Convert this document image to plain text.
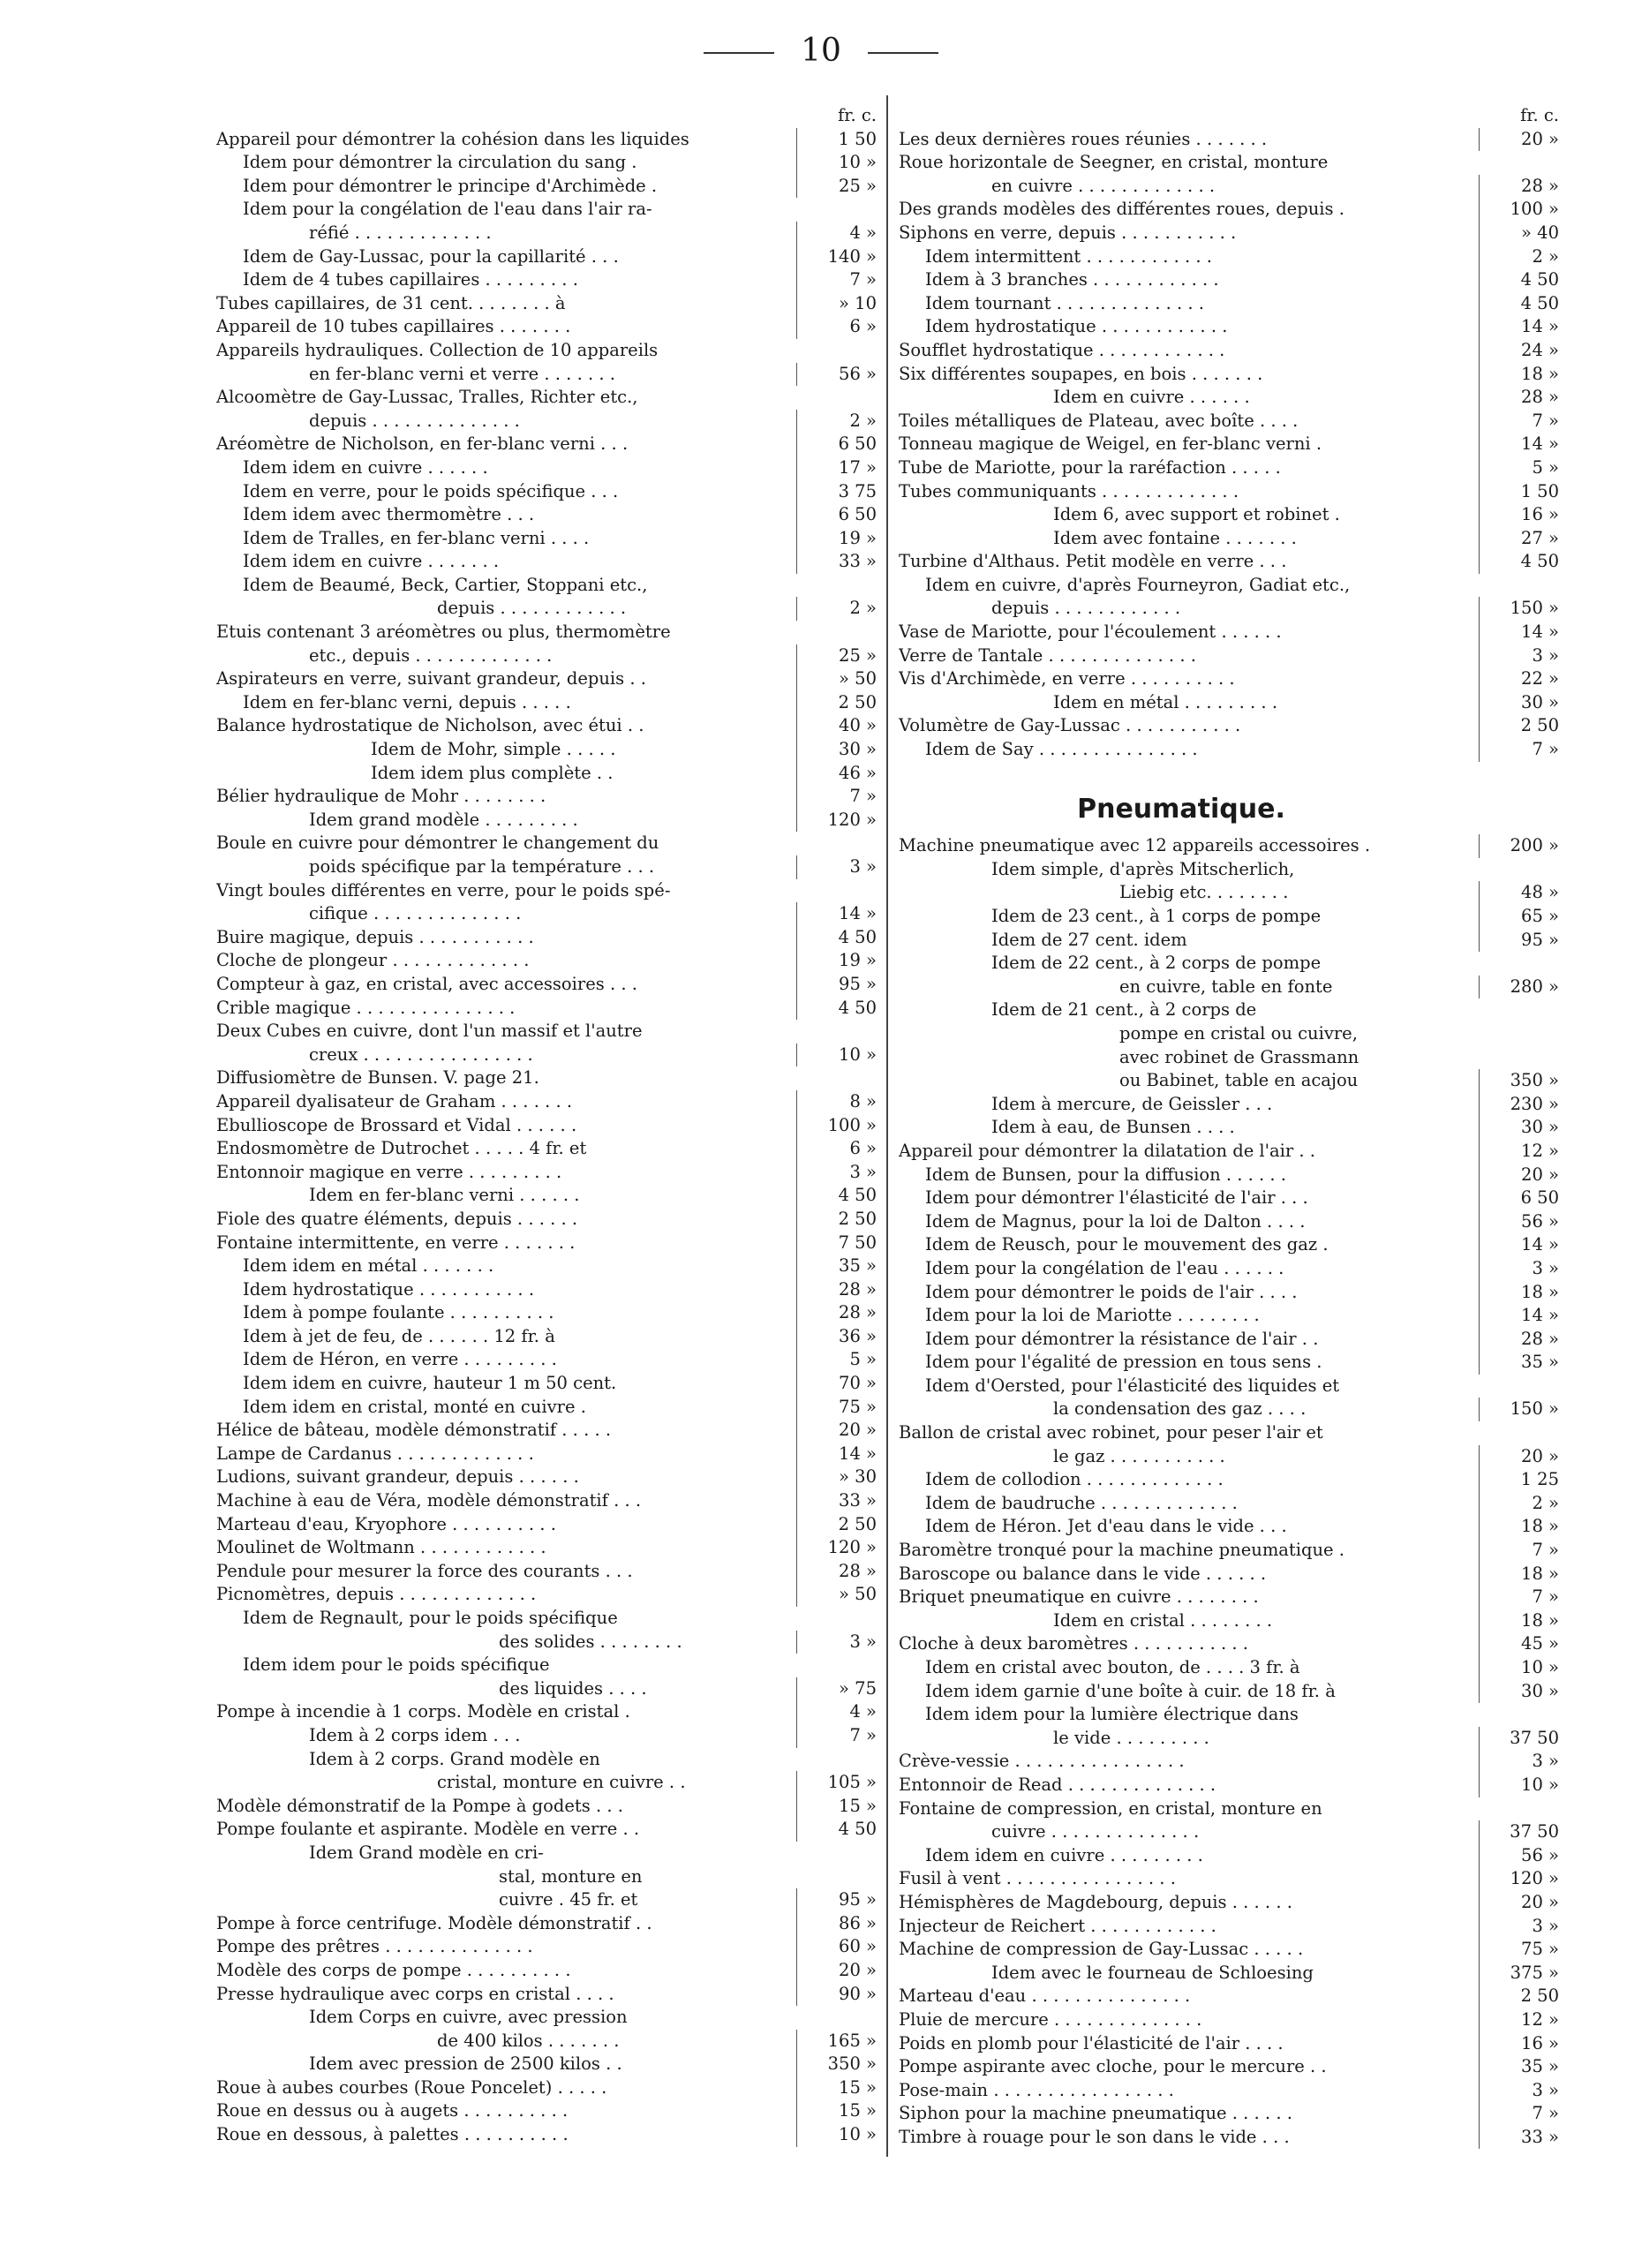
10
fr. c.
Appareil pour démontrer la cohésion dans les liquides	1 50
Idem pour démontrer la circulation du sang .	10 »
Idem pour démontrer le principe d'Archimède .	25 »
Idem pour la congélation de l'eau dans l'air ra-
réfié . . . . . . . . . . . . .	4 »
Idem de Gay-Lussac, pour la capillarité . . .	140 »
Idem de 4 tubes capillaires . . . . . . . . .	7 »
Tubes capillaires, de 31 cent. . . . . . . . à	» 10
Appareil de 10 tubes capillaires . . . . . . .	6 »
Appareils hydrauliques. Collection de 10 appareils
en fer-blanc verni et verre . . . . . . .	56 »
Alcoomètre de Gay-Lussac, Tralles, Richter etc.,
depuis . . . . . . . . . . . . . .	2 »
Aréomètre de Nicholson, en fer-blanc verni . . .	6 50
Idem idem en cuivre . . . . . .	17 »
Idem en verre, pour le poids spécifique . . .	3 75
Idem idem avec thermomètre . . .	6 50
Idem de Tralles, en fer-blanc verni . . . .	19 »
Idem idem en cuivre . . . . . . .	33 »
Idem de Beaumé, Beck, Cartier, Stoppani etc.,
depuis . . . . . . . . . . . .	2 »
Etuis contenant 3 aréomètres ou plus, thermomètre
etc., depuis . . . . . . . . . . . . .	25 »
Aspirateurs en verre, suivant grandeur, depuis . .	» 50
Idem en fer-blanc verni, depuis . . . . .	2 50
Balance hydrostatique de Nicholson, avec étui . .	40 »
Idem de Mohr, simple . . . . .	30 »
Idem idem plus complète . .	46 »
Bélier hydraulique de Mohr . . . . . . . .	7 »
Idem grand modèle . . . . . . . . .	120 »
Boule en cuivre pour démontrer le changement du
poids spécifique par la température . . .	3 »
Vingt boules différentes en verre, pour le poids spé-
cifique . . . . . . . . . . . . . .	14 »
Buire magique, depuis . . . . . . . . . . .	4 50
Cloche de plongeur . . . . . . . . . . . . .	19 »
Compteur à gaz, en cristal, avec accessoires . . .	95 »
Crible magique . . . . . . . . . . . . . . .	4 50
Deux Cubes en cuivre, dont l'un massif et l'autre
creux . . . . . . . . . . . . . . . .	10 »
Diffusiomètre de Bunsen. V. page 21.
Appareil dyalisateur de Graham . . . . . . .	8 »
Ebullioscope de Brossard et Vidal . . . . . .	100 »
Endosmomètre de Dutrochet . . . . . 4 fr. et	6 »
Entonnoir magique en verre . . . . . . . . .	3 »
Idem en fer-blanc verni . . . . . .	4 50
Fiole des quatre éléments, depuis . . . . . .	2 50
Fontaine intermittente, en verre . . . . . . .	7 50
Idem idem en métal . . . . . . .	35 »
Idem hydrostatique . . . . . . . . . . .	28 »
Idem à pompe foulante . . . . . . . . . .	28 »
Idem à jet de feu, de . . . . . . 12 fr. à	36 »
Idem de Héron, en verre . . . . . . . . .	5 »
Idem idem en cuivre, hauteur 1 m 50 cent.	70 »
Idem idem en cristal, monté en cuivre .	75 »
Hélice de bâteau, modèle démonstratif . . . . .	20 »
Lampe de Cardanus . . . . . . . . . . . . .	14 »
Ludions, suivant grandeur, depuis . . . . . .	» 30
Machine à eau de Véra, modèle démonstratif . . .	33 »
Marteau d'eau, Kryophore . . . . . . . . . .	2 50
Moulinet de Woltmann . . . . . . . . . . . .	120 »
Pendule pour mesurer la force des courants . . .	28 »
Picnomètres, depuis . . . . . . . . . . . . .	» 50
Idem de Regnault, pour le poids spécifique
des solides . . . . . . . .	3 »
Idem idem pour le poids spécifique
des liquides . . . .	» 75
Pompe à incendie à 1 corps. Modèle en cristal .	4 »
Idem à 2 corps idem . . .	7 »
Idem à 2 corps. Grand modèle en
cristal, monture en cuivre . .	105 »
Modèle démonstratif de la Pompe à godets . . .	15 »
Pompe foulante et aspirante. Modèle en verre . .	4 50
Idem Grand modèle en cri-
stal, monture en
cuivre . 45 fr. et	95 »
Pompe à force centrifuge. Modèle démonstratif . .	86 »
Pompe des prêtres . . . . . . . . . . . . . .	60 »
Modèle des corps de pompe . . . . . . . . . .	20 »
Presse hydraulique avec corps en cristal . . . .	90 »
Idem Corps en cuivre, avec pression
de 400 kilos . . . . . . .	165 »
Idem avec pression de 2500 kilos . .	350 »
Roue à aubes courbes (Roue Poncelet) . . . . .	15 »
Roue en dessus ou à augets . . . . . . . . . .	15 »
Roue en dessous, à palettes . . . . . . . . . .	10 »
fr. c.
Les deux dernières roues réunies . . . . . . .	20 »
Roue horizontale de Seegner, en cristal, monture
en cuivre . . . . . . . . . . . . .	28 »
Des grands modèles des différentes roues, depuis .	100 »
Siphons en verre, depuis . . . . . . . . . . .	» 40
Idem intermittent . . . . . . . . . . . .	2 »
Idem à 3 branches . . . . . . . . . . . .	4 50
Idem tournant . . . . . . . . . . . . . .	4 50
Idem hydrostatique . . . . . . . . . . . .	14 »
Soufflet hydrostatique . . . . . . . . . . . .	24 »
Six différentes soupapes, en bois . . . . . . .	18 »
Idem en cuivre . . . . . .	28 »
Toiles métalliques de Plateau, avec boîte . . . .	7 »
Tonneau magique de Weigel, en fer-blanc verni .	14 »
Tube de Mariotte, pour la raréfaction . . . . .	5 »
Tubes communiquants . . . . . . . . . . . . .	1 50
Idem 6, avec support et robinet .	16 »
Idem avec fontaine . . . . . . .	27 »
Turbine d'Althaus. Petit modèle en verre . . .	4 50
Idem en cuivre, d'après Fourneyron, Gadiat etc.,
depuis . . . . . . . . . . . .	150 »
Vase de Mariotte, pour l'écoulement . . . . . .	14 »
Verre de Tantale . . . . . . . . . . . . . .	3 »
Vis d'Archimède, en verre . . . . . . . . . .	22 »
Idem en métal . . . . . . . . .	30 »
Volumètre de Gay-Lussac . . . . . . . . . . .	2 50
Idem de Say . . . . . . . . . . . . . . .	7 »
Pneumatique.
Machine pneumatique avec 12 appareils accessoires .	200 »
Idem simple, d'après Mitscherlich,
Liebig etc. . . . . . . .	48 »
Idem de 23 cent., à 1 corps de pompe	65 »
Idem de 27 cent. idem	95 »
Idem de 22 cent., à 2 corps de pompe
en cuivre, table en fonte	280 »
Idem de 21 cent., à 2 corps de
pompe en cristal ou cuivre,
avec robinet de Grassmann
ou Babinet, table en acajou	350 »
Idem à mercure, de Geissler . . .	230 »
Idem à eau, de Bunsen . . . .	30 »
Appareil pour démontrer la dilatation de l'air . .	12 »
Idem de Bunsen, pour la diffusion . . . . . .	20 »
Idem pour démontrer l'élasticité de l'air . . .	6 50
Idem de Magnus, pour la loi de Dalton . . . .	56 »
Idem de Reusch, pour le mouvement des gaz .	14 »
Idem pour la congélation de l'eau . . . . . .	3 »
Idem pour démontrer le poids de l'air . . . .	18 »
Idem pour la loi de Mariotte . . . . . . . .	14 »
Idem pour démontrer la résistance de l'air . .	28 »
Idem pour l'égalité de pression en tous sens .	35 »
Idem d'Oersted, pour l'élasticité des liquides et
la condensation des gaz . . . .	150 »
Ballon de cristal avec robinet, pour peser l'air et
le gaz . . . . . . . . . . .	20 »
Idem de collodion . . . . . . . . . . . . .	1 25
Idem de baudruche . . . . . . . . . . . . .	2 »
Idem de Héron. Jet d'eau dans le vide . . .	18 »
Baromètre tronqué pour la machine pneumatique .	7 »
Baroscope ou balance dans le vide . . . . . .	18 »
Briquet pneumatique en cuivre . . . . . . . .	7 »
Idem en cristal . . . . . . . .	18 »
Cloche à deux baromètres . . . . . . . . . . .	45 »
Idem en cristal avec bouton, de . . . . 3 fr. à	10 »
Idem idem garnie d'une boîte à cuir. de 18 fr. à	30 »
Idem idem pour la lumière électrique dans
le vide . . . . . . . . .	37 50
Crève-vessie . . . . . . . . . . . . . . . .	3 »
Entonnoir de Read . . . . . . . . . . . . . .	10 »
Fontaine de compression, en cristal, monture en
cuivre . . . . . . . . . . . . . .	37 50
Idem idem en cuivre . . . . . . . . .	56 »
Fusil à vent . . . . . . . . . . . . . . . .	120 »
Hémisphères de Magdebourg, depuis . . . . . .	20 »
Injecteur de Reichert . . . . . . . . . . . .	3 »
Machine de compression de Gay-Lussac . . . . .	75 »
Idem avec le fourneau de Schloesing	375 »
Marteau d'eau . . . . . . . . . . . . . . .	2 50
Pluie de mercure . . . . . . . . . . . . . .	12 »
Poids en plomb pour l'élasticité de l'air . . . .	16 »
Pompe aspirante avec cloche, pour le mercure . .	35 »
Pose-main . . . . . . . . . . . . . . . . .	3 »
Siphon pour la machine pneumatique . . . . . .	7 »
Timbre à rouage pour le son dans le vide . . .	33 »
